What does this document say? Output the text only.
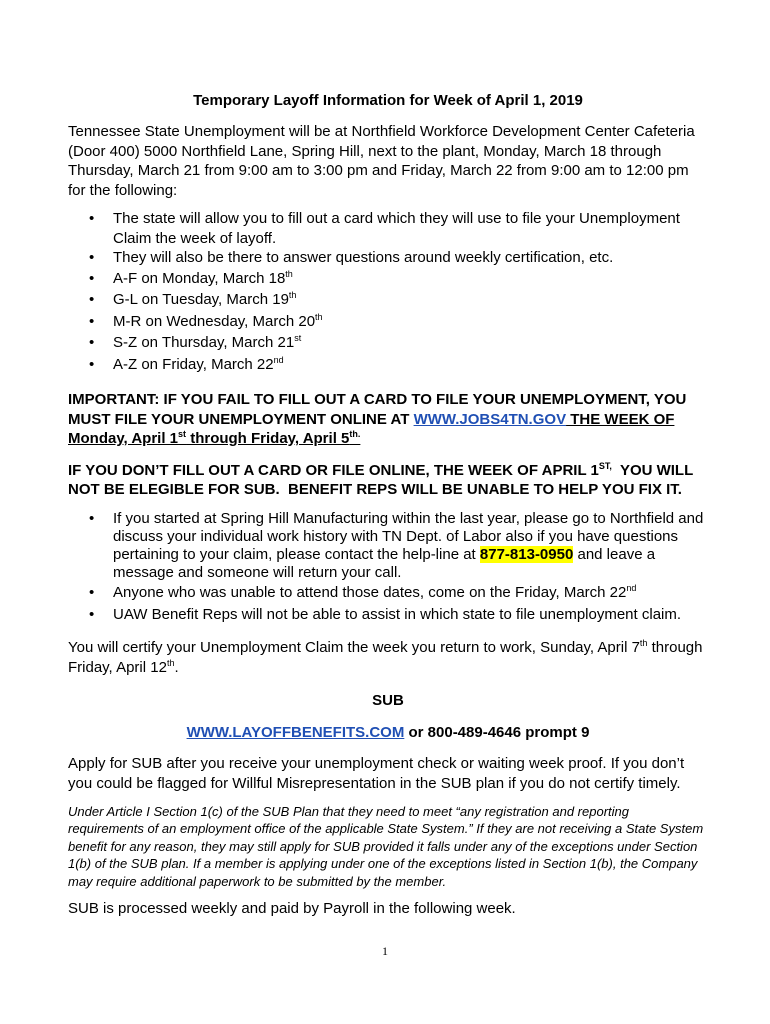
Temporary Layoff Information for Week of April 1, 2019

Tennessee State Unemployment will be at Northfield Workforce Development Center Cafeteria (Door 400) 5000 Northfield Lane, Spring Hill, next to the plant, Monday, March 18 through Thursday, March 21 from 9:00 am to 3:00 pm and Friday, March 22 from 9:00 am to 12:00 pm for the following:

• The state will allow you to fill out a card which they will use to file your Unemployment Claim the week of layoff.
• They will also be there to answer questions around weekly certification, etc.
• A-F on Monday, March 18th
• G-L on Tuesday, March 19th
• M-R on Wednesday, March 20th
• S-Z on Thursday, March 21st
• A-Z on Friday, March 22nd

IMPORTANT: IF YOU FAIL TO FILL OUT A CARD TO FILE YOUR UNEMPLOYMENT, YOU MUST FILE YOUR UNEMPLOYMENT ONLINE AT WWW.JOBS4TN.GOV THE WEEK OF Monday, April 1st through Friday, April $5^{th.}$

IF YOU DON’T FILL OUT A CARD OR FILE ONLINE, THE WEEK OF APRIL $1^{ST,}$  YOU WILL NOT BE ELEGIBLE FOR SUB.  BENEFIT REPS WILL BE UNABLE TO HELP YOU FIX IT.

• If you started at Spring Hill Manufacturing within the last year, please go to Northfield and discuss your individual work history with TN Dept. of Labor also if you have questions pertaining to your claim, please contact the help-line at 877-813-0950 and leave a message and someone will return your call.
• Anyone who was unable to attend those dates, come on the Friday, March 22nd
• UAW Benefit Reps will not be able to assist in which state to file unemployment claim.

You will certify your Unemployment Claim the week you return to work, Sunday, April 7th through Friday, April 12th.

SUB

WWW.LAYOFFBENEFITS.COM or 800-489-4646 prompt 9

Apply for SUB after you receive your unemployment check or waiting week proof. If you don’t you could be flagged for Willful Misrepresentation in the SUB plan if you do not certify timely.

Under Article I Section 1(c) of the SUB Plan that they need to meet “any registration and reporting requirements of an employment office of the applicable State System.” If they are not receiving a State System benefit for any reason, they may still apply for SUB provided it falls under any of the exceptions under Section 1(b) of the SUB plan. If a member is applying under one of the exceptions listed in Section 1(b), the Company may require additional paperwork to be submitted by the member.

SUB is processed weekly and paid by Payroll in the following week.

1
